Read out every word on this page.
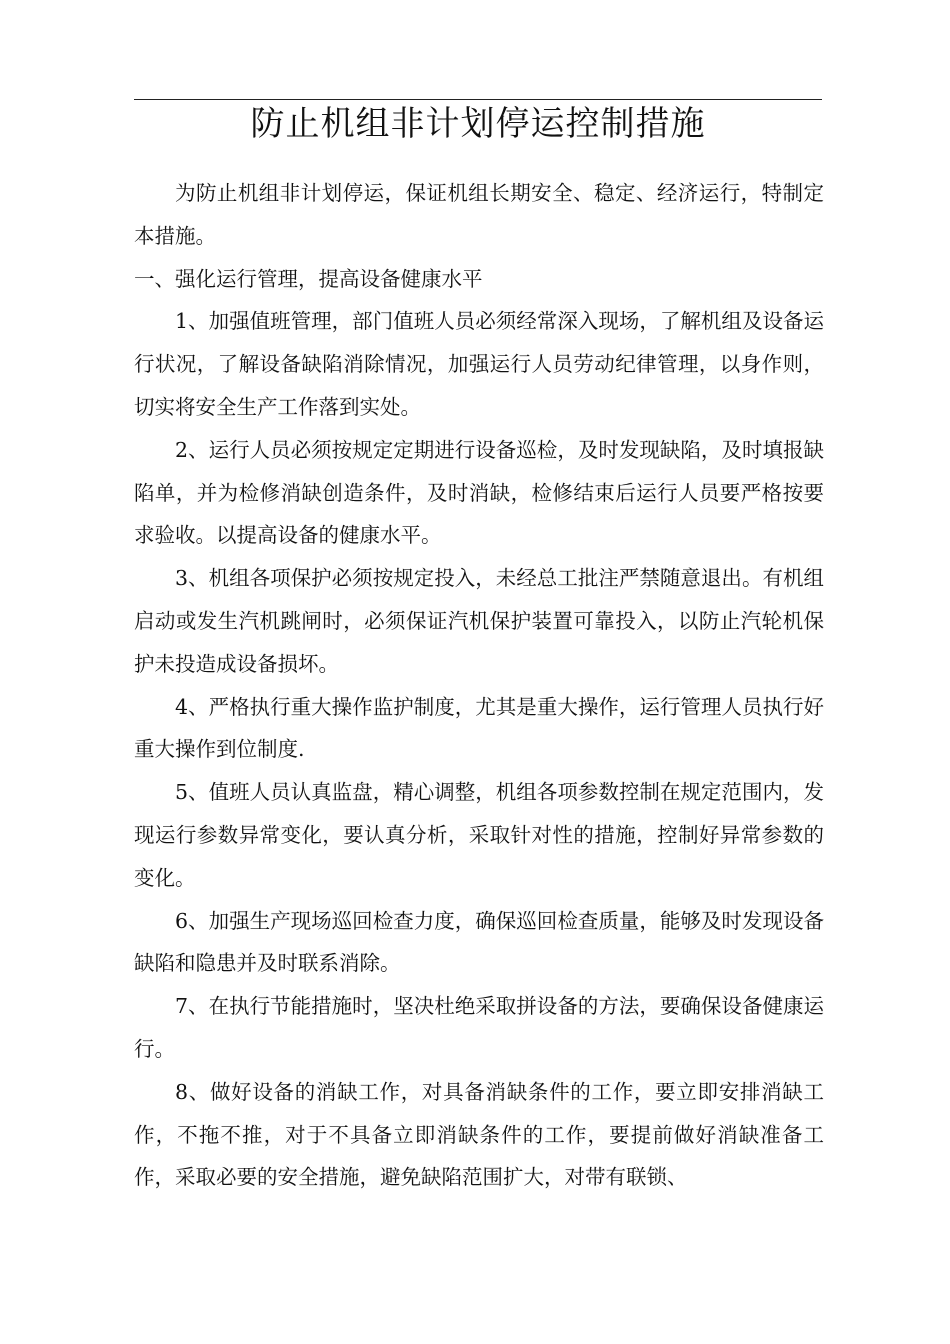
防止机组非计划停运控制措施

为防止机组非计划停运，保证机组长期安全、稳定、经济运行，特制定本措施。

一、强化运行管理，提高设备健康水平

1、加强值班管理，部门值班人员必须经常深入现场，了解机组及设备运行状况，了解设备缺陷消除情况，加强运行人员劳动纪律管理，以身作则，切实将安全生产工作落到实处。

2、运行人员必须按规定定期进行设备巡检，及时发现缺陷，及时填报缺陷单，并为检修消缺创造条件，及时消缺，检修结束后运行人员要严格按要求验收。以提高设备的健康水平。

3、机组各项保护必须按规定投入，未经总工批注严禁随意退出。有机组启动或发生汽机跳闸时，必须保证汽机保护装置可靠投入，以防止汽轮机保护未投造成设备损坏。

4、严格执行重大操作监护制度，尤其是重大操作，运行管理人员执行好重大操作到位制度.

5、值班人员认真监盘，精心调整，机组各项参数控制在规定范围内，发现运行参数异常变化，要认真分析，采取针对性的措施，控制好异常参数的变化。

6、加强生产现场巡回检查力度，确保巡回检查质量，能够及时发现设备缺陷和隐患并及时联系消除。

7、在执行节能措施时，坚决杜绝采取拼设备的方法，要确保设备健康运行。

8、做好设备的消缺工作，对具备消缺条件的工作，要立即安排消缺工作，不拖不推，对于不具备立即消缺条件的工作，要提前做好消缺准备工作，采取必要的安全措施，避免缺陷范围扩大，对带有联锁、
